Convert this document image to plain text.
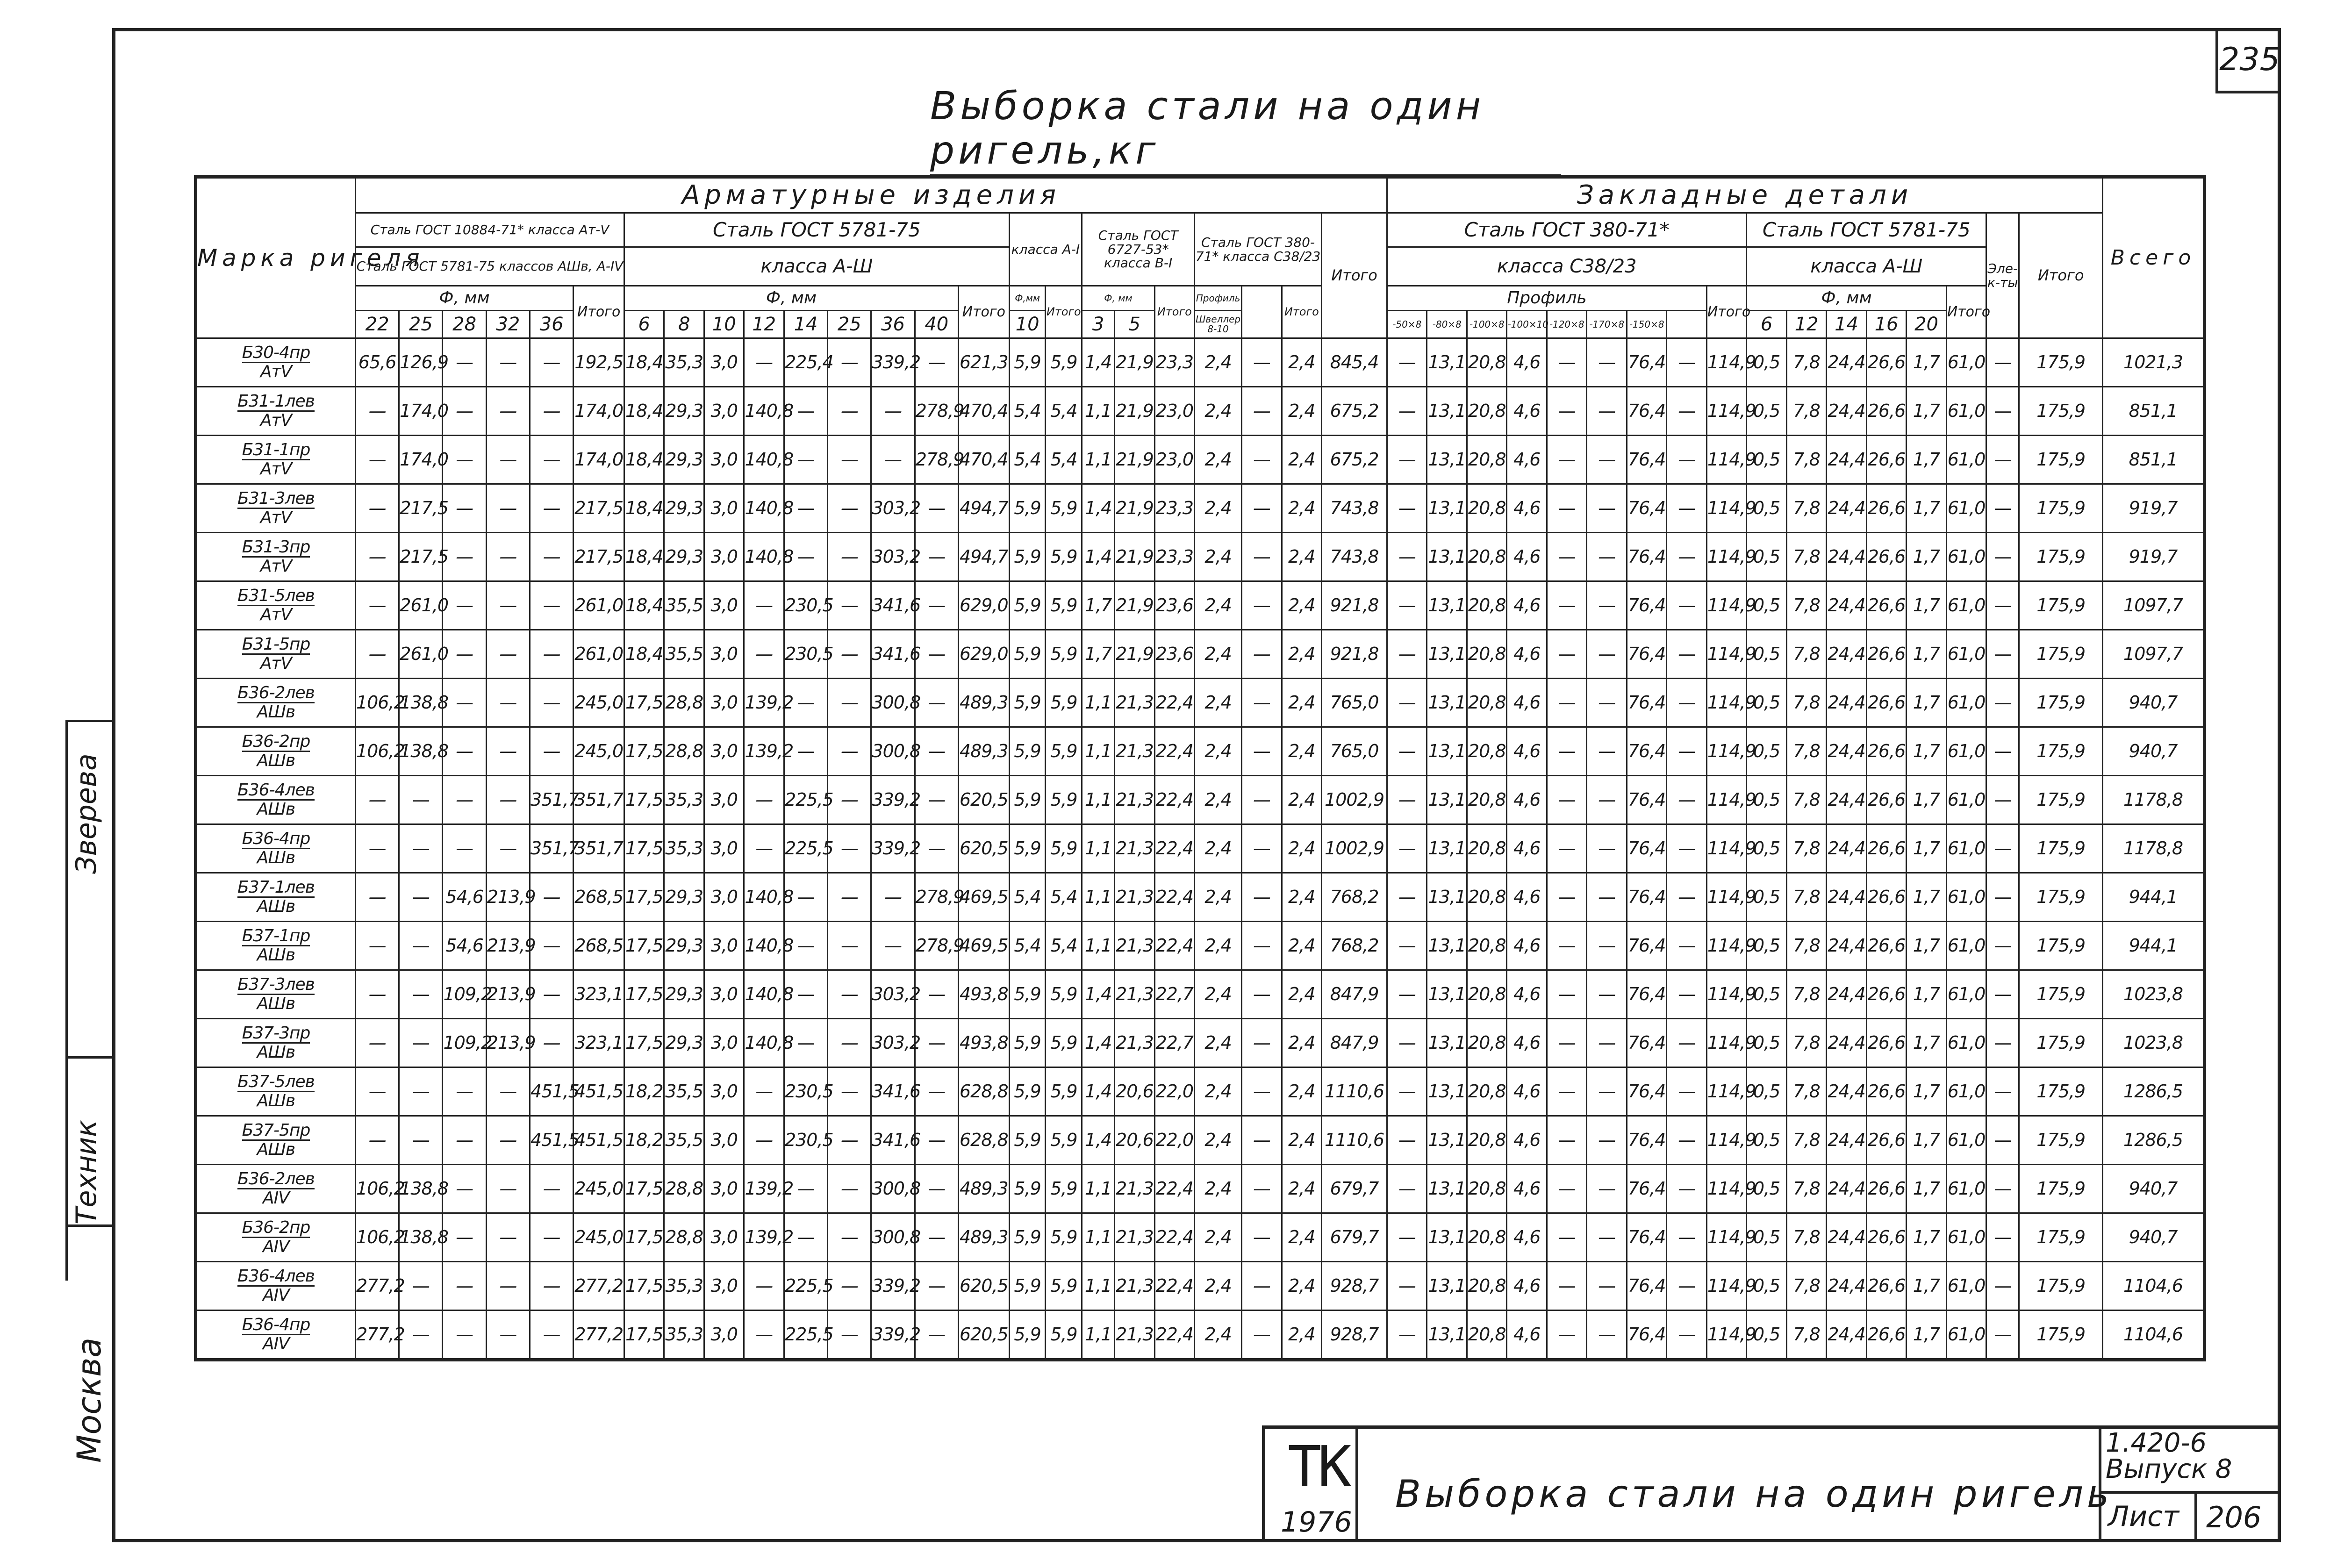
235
Выборка стали на один ригель,кг
Зверева
Техник
Москва
Марка ригеля	Арматурные изделия																								Закладные детали																	Всего
	Сталь ГОСТ 10884-71* класса Ат-V						Сталь ГОСТ 5781-75									класса А-I		Сталь ГОСТ 6727-53* класса В-I			Сталь ГОСТ 380-71* класса С38/23			Итого	Сталь ГОСТ 380-71*									Сталь ГОСТ 5781-75						Эле-к-ты	Итого	
	Сталь ГОСТ 5781-75 классов АШв, А-IV						класса А-Ш																		класса С38/23									класса А-Ш								
	Ф, мм					Итого	Ф, мм								Итого	Ф,мм	Итого	Ф, мм		Итого	Профиль		Итого		Профиль								Итого	Ф, мм					Итого			
	22	25	28	32	36		6	8	10	12	14	25	36	40		10		3	5		Швеллер 8-10				-50×8	-80×8	-100×8	-100×10	-120×8	-170×8	-150×8			6	12	14	16	20				
Б30-4пр
АтV	65,6	126,9	—	—	—	192,5	18,4	35,3	3,0	—	225,4	—	339,2	—	621,3	5,9	5,9	1,4	21,9	23,3	2,4	—	2,4	845,4	—	13,1	20,8	4,6	—	—	76,4	—	114,9	0,5	7,8	24,4	26,6	1,7	61,0	—	175,9	1021,3
Б31-1лев
АтV	—	174,0	—	—	—	174,0	18,4	29,3	3,0	140,8	—	—	—	278,9	470,4	5,4	5,4	1,1	21,9	23,0	2,4	—	2,4	675,2	—	13,1	20,8	4,6	—	—	76,4	—	114,9	0,5	7,8	24,4	26,6	1,7	61,0	—	175,9	851,1
Б31-1пр
АтV	—	174,0	—	—	—	174,0	18,4	29,3	3,0	140,8	—	—	—	278,9	470,4	5,4	5,4	1,1	21,9	23,0	2,4	—	2,4	675,2	—	13,1	20,8	4,6	—	—	76,4	—	114,9	0,5	7,8	24,4	26,6	1,7	61,0	—	175,9	851,1
Б31-3лев
АтV	—	217,5	—	—	—	217,5	18,4	29,3	3,0	140,8	—	—	303,2	—	494,7	5,9	5,9	1,4	21,9	23,3	2,4	—	2,4	743,8	—	13,1	20,8	4,6	—	—	76,4	—	114,9	0,5	7,8	24,4	26,6	1,7	61,0	—	175,9	919,7
Б31-3пр
АтV	—	217,5	—	—	—	217,5	18,4	29,3	3,0	140,8	—	—	303,2	—	494,7	5,9	5,9	1,4	21,9	23,3	2,4	—	2,4	743,8	—	13,1	20,8	4,6	—	—	76,4	—	114,9	0,5	7,8	24,4	26,6	1,7	61,0	—	175,9	919,7
Б31-5лев
АтV	—	261,0	—	—	—	261,0	18,4	35,5	3,0	—	230,5	—	341,6	—	629,0	5,9	5,9	1,7	21,9	23,6	2,4	—	2,4	921,8	—	13,1	20,8	4,6	—	—	76,4	—	114,9	0,5	7,8	24,4	26,6	1,7	61,0	—	175,9	1097,7
Б31-5пр
АтV	—	261,0	—	—	—	261,0	18,4	35,5	3,0	—	230,5	—	341,6	—	629,0	5,9	5,9	1,7	21,9	23,6	2,4	—	2,4	921,8	—	13,1	20,8	4,6	—	—	76,4	—	114,9	0,5	7,8	24,4	26,6	1,7	61,0	—	175,9	1097,7
Б36-2лев
АШв	106,2	138,8	—	—	—	245,0	17,5	28,8	3,0	139,2	—	—	300,8	—	489,3	5,9	5,9	1,1	21,3	22,4	2,4	—	2,4	765,0	—	13,1	20,8	4,6	—	—	76,4	—	114,9	0,5	7,8	24,4	26,6	1,7	61,0	—	175,9	940,7
Б36-2пр
АШв	106,2	138,8	—	—	—	245,0	17,5	28,8	3,0	139,2	—	—	300,8	—	489,3	5,9	5,9	1,1	21,3	22,4	2,4	—	2,4	765,0	—	13,1	20,8	4,6	—	—	76,4	—	114,9	0,5	7,8	24,4	26,6	1,7	61,0	—	175,9	940,7
Б36-4лев
АШв	—	—	—	—	351,7	351,7	17,5	35,3	3,0	—	225,5	—	339,2	—	620,5	5,9	5,9	1,1	21,3	22,4	2,4	—	2,4	1002,9	—	13,1	20,8	4,6	—	—	76,4	—	114,9	0,5	7,8	24,4	26,6	1,7	61,0	—	175,9	1178,8
Б36-4пр
АШв	—	—	—	—	351,7	351,7	17,5	35,3	3,0	—	225,5	—	339,2	—	620,5	5,9	5,9	1,1	21,3	22,4	2,4	—	2,4	1002,9	—	13,1	20,8	4,6	—	—	76,4	—	114,9	0,5	7,8	24,4	26,6	1,7	61,0	—	175,9	1178,8
Б37-1лев
АШв	—	—	54,6	213,9	—	268,5	17,5	29,3	3,0	140,8	—	—	—	278,9	469,5	5,4	5,4	1,1	21,3	22,4	2,4	—	2,4	768,2	—	13,1	20,8	4,6	—	—	76,4	—	114,9	0,5	7,8	24,4	26,6	1,7	61,0	—	175,9	944,1
Б37-1пр
АШв	—	—	54,6	213,9	—	268,5	17,5	29,3	3,0	140,8	—	—	—	278,9	469,5	5,4	5,4	1,1	21,3	22,4	2,4	—	2,4	768,2	—	13,1	20,8	4,6	—	—	76,4	—	114,9	0,5	7,8	24,4	26,6	1,7	61,0	—	175,9	944,1
Б37-3лев
АШв	—	—	109,2	213,9	—	323,1	17,5	29,3	3,0	140,8	—	—	303,2	—	493,8	5,9	5,9	1,4	21,3	22,7	2,4	—	2,4	847,9	—	13,1	20,8	4,6	—	—	76,4	—	114,9	0,5	7,8	24,4	26,6	1,7	61,0	—	175,9	1023,8
Б37-3пр
АШв	—	—	109,2	213,9	—	323,1	17,5	29,3	3,0	140,8	—	—	303,2	—	493,8	5,9	5,9	1,4	21,3	22,7	2,4	—	2,4	847,9	—	13,1	20,8	4,6	—	—	76,4	—	114,9	0,5	7,8	24,4	26,6	1,7	61,0	—	175,9	1023,8
Б37-5лев
АШв	—	—	—	—	451,5	451,5	18,2	35,5	3,0	—	230,5	—	341,6	—	628,8	5,9	5,9	1,4	20,6	22,0	2,4	—	2,4	1110,6	—	13,1	20,8	4,6	—	—	76,4	—	114,9	0,5	7,8	24,4	26,6	1,7	61,0	—	175,9	1286,5
Б37-5пр
АШв	—	—	—	—	451,5	451,5	18,2	35,5	3,0	—	230,5	—	341,6	—	628,8	5,9	5,9	1,4	20,6	22,0	2,4	—	2,4	1110,6	—	13,1	20,8	4,6	—	—	76,4	—	114,9	0,5	7,8	24,4	26,6	1,7	61,0	—	175,9	1286,5
Б36-2лев
АIV	106,2	138,8	—	—	—	245,0	17,5	28,8	3,0	139,2	—	—	300,8	—	489,3	5,9	5,9	1,1	21,3	22,4	2,4	—	2,4	679,7	—	13,1	20,8	4,6	—	—	76,4	—	114,9	0,5	7,8	24,4	26,6	1,7	61,0	—	175,9	940,7
Б36-2пр
АIV	106,2	138,8	—	—	—	245,0	17,5	28,8	3,0	139,2	—	—	300,8	—	489,3	5,9	5,9	1,1	21,3	22,4	2,4	—	2,4	679,7	—	13,1	20,8	4,6	—	—	76,4	—	114,9	0,5	7,8	24,4	26,6	1,7	61,0	—	175,9	940,7
Б36-4лев
АIV	277,2	—	—	—	—	277,2	17,5	35,3	3,0	—	225,5	—	339,2	—	620,5	5,9	5,9	1,1	21,3	22,4	2,4	—	2,4	928,7	—	13,1	20,8	4,6	—	—	76,4	—	114,9	0,5	7,8	24,4	26,6	1,7	61,0	—	175,9	1104,6
Б36-4пр
АIV	277,2	—	—	—	—	277,2	17,5	35,3	3,0	—	225,5	—	339,2	—	620,5	5,9	5,9	1,1	21,3	22,4	2,4	—	2,4	928,7	—	13,1	20,8	4,6	—	—	76,4	—	114,9	0,5	7,8	24,4	26,6	1,7	61,0	—	175,9	1104,6
ТК
1976
Выборка стали на один ригель
1.420-6
Выпуск 8
Лист 206
